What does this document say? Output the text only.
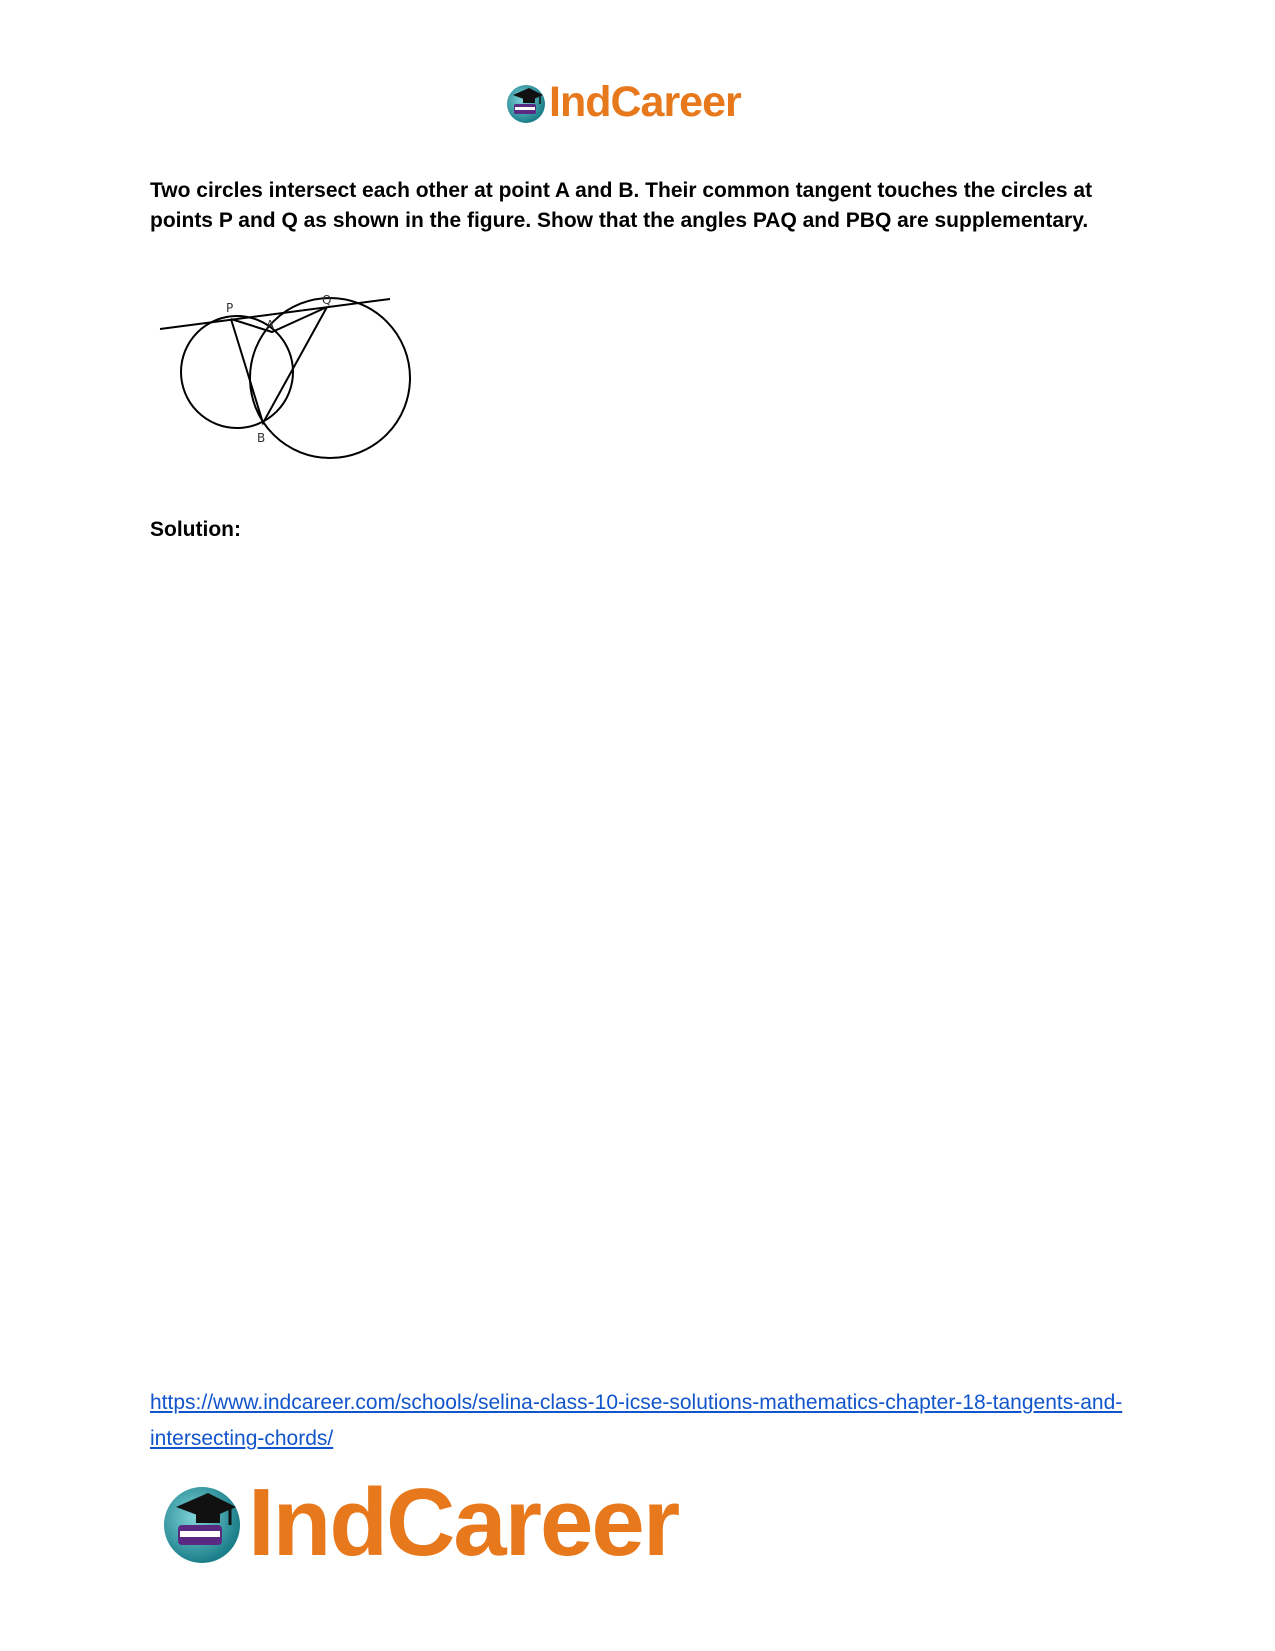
IndCareer

Two circles intersect each other at point A and B. Their common tangent touches the circles at points P and Q as shown in the figure. Show that the angles PAQ and PBQ are supplementary.

P
Q
A
B

Solution:

https://www.indcareer.com/schools/selina-class-10-icse-solutions-mathematics-chapter-18-tangents-and-intersecting-chords/
IndCareer
